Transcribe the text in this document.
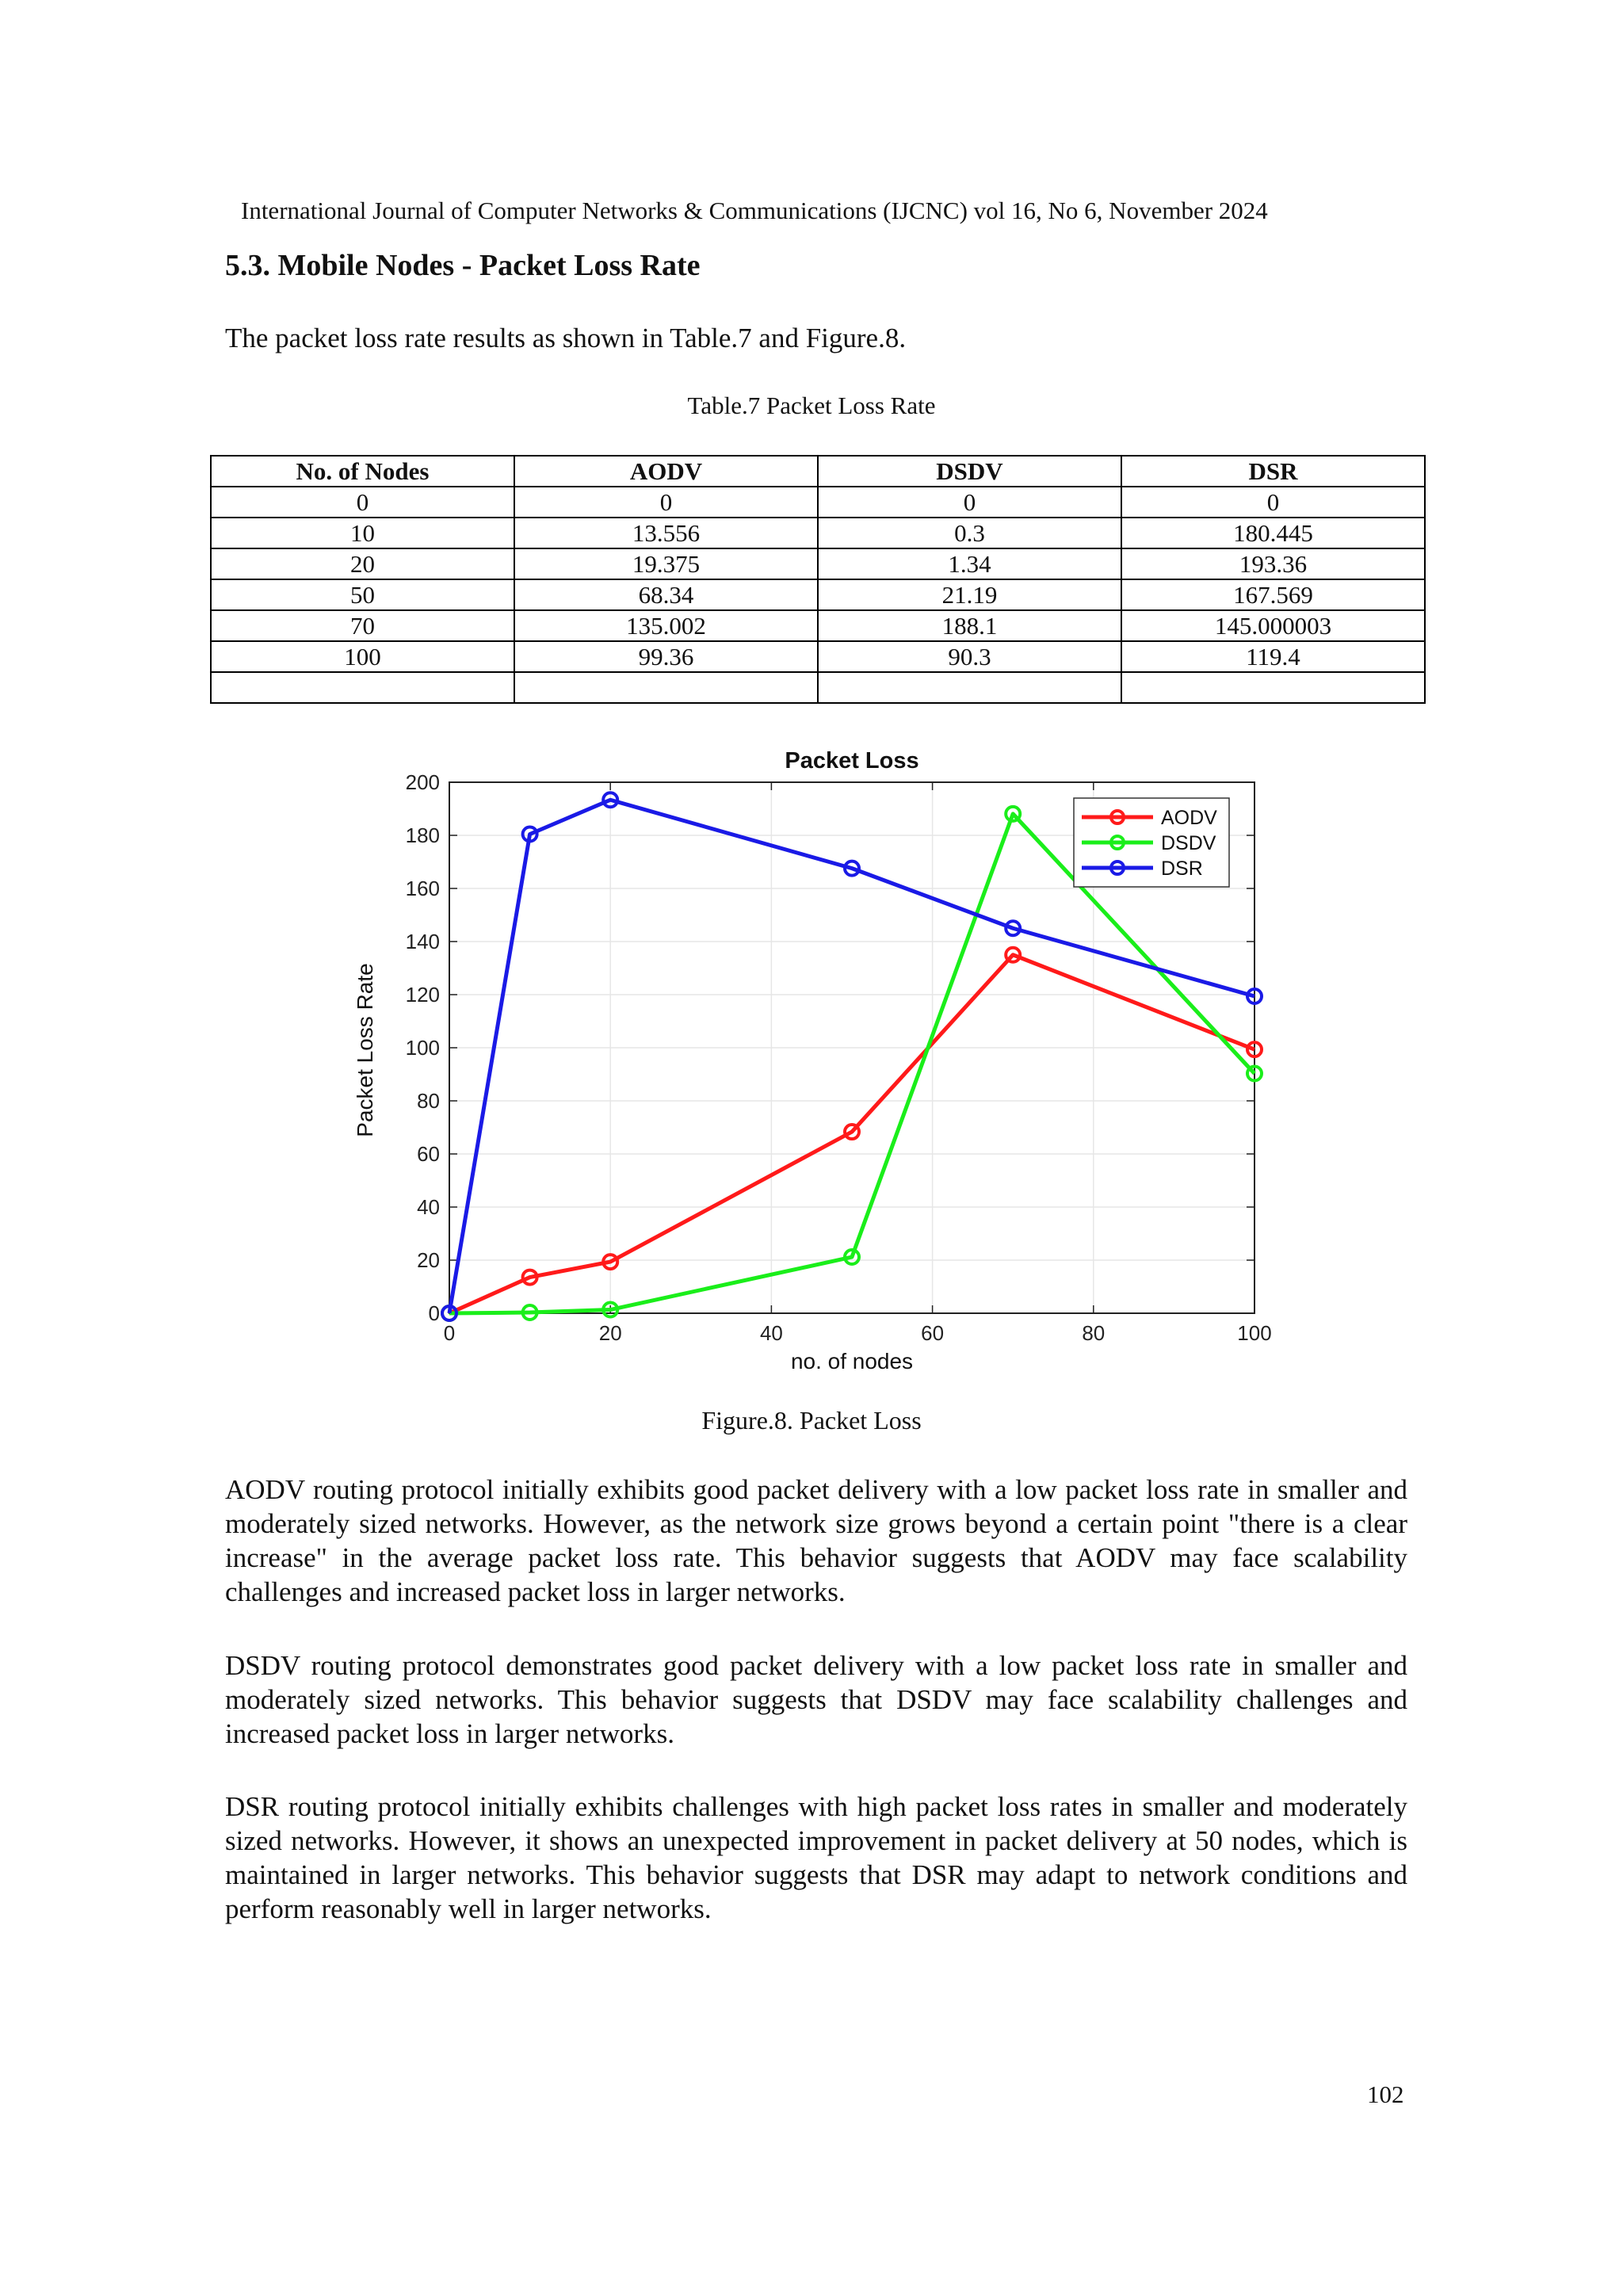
International Journal of Computer Networks & Communications (IJCNC) vol 16, No 6, November 2024
5.3. Mobile Nodes - Packet Loss Rate
The packet loss rate results as shown in Table.7 and Figure.8.
Table.7 Packet Loss Rate
No. of Nodes	AODV	DSDV	DSR
0	0	0	0
10	13.556	0.3	180.445
20	19.375	1.34	193.36
50	68.34	21.19	167.569
70	135.002	188.1	145.000003
100	99.36	90.3	119.4

Packet Loss
no. of nodes
Packet Loss Rate
0	20	40	60	80	100
0
20
40
60
80
100
120
140
160
180
200
AODV
DSDV
DSR
Figure.8. Packet Loss

AODV routing protocol initially exhibits good packet delivery with a low packet loss rate in smaller and moderately sized networks. However, as the network size grows beyond a certain point "there is a clear increase" in the average packet loss rate. This behavior suggests that AODV may face scalability challenges and increased packet loss in larger networks.

DSDV routing protocol demonstrates good packet delivery with a low packet loss rate in smaller and moderately sized networks. This behavior suggests that DSDV may face scalability challenges and increased packet loss in larger networks.

DSR routing protocol initially exhibits challenges with high packet loss rates in smaller and moderately sized networks. However, it shows an unexpected improvement in packet delivery at 50 nodes, which is maintained in larger networks. This behavior suggests that DSR may adapt to network conditions and perform reasonably well in larger networks.

102
